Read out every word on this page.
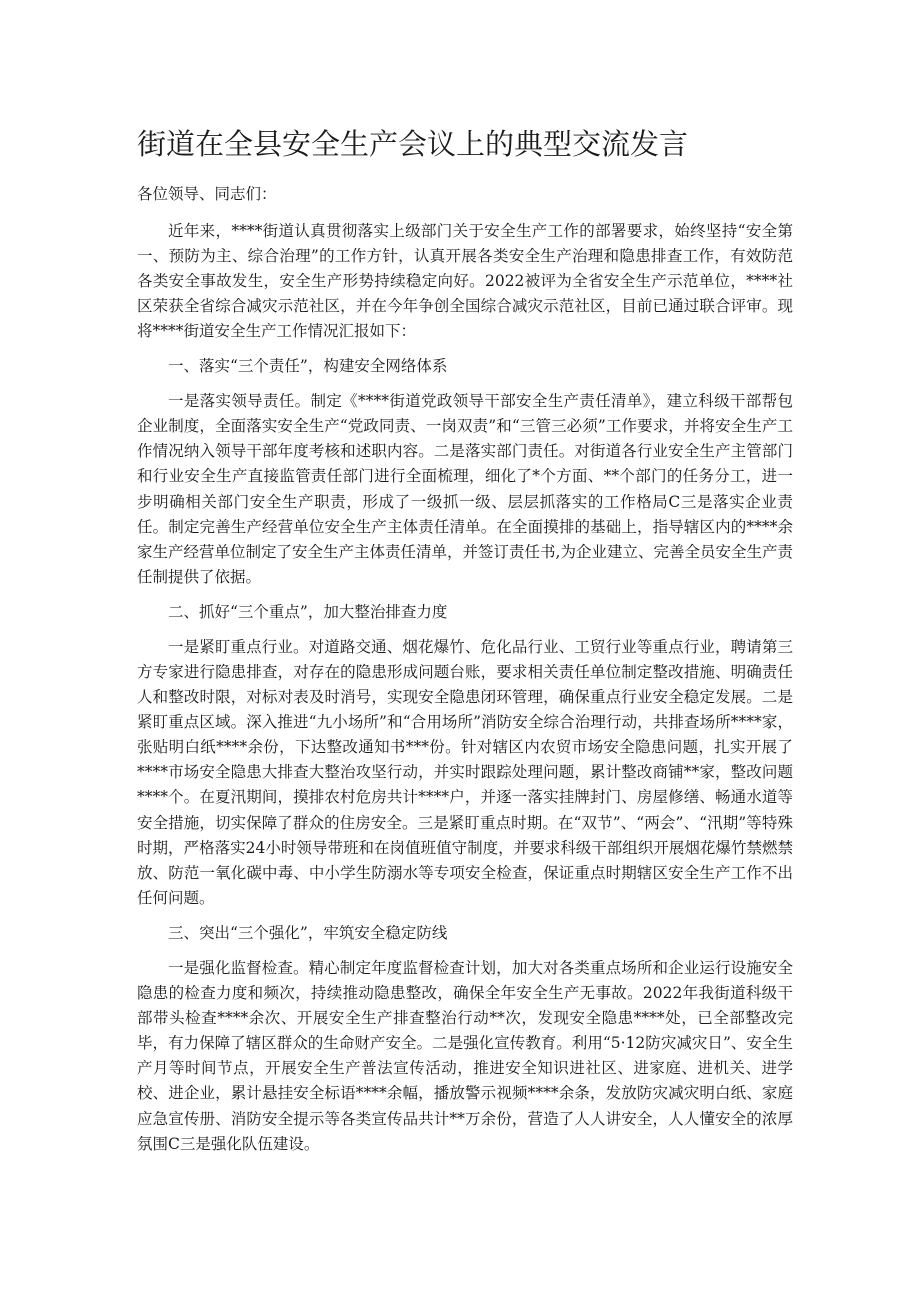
街道在全县安全生产会议上的典型交流发言

各位领导、同志们：

近年来，****街道认真贯彻落实上级部门关于安全生产工作的部署要求，始终坚持“安全第一、预防为主、综合治理”的工作方针，认真开展各类安全生产治理和隐患排查工作，有效防范各类安全事故发生，安全生产形势持续稳定向好。2022被评为全省安全生产示范单位，****社区荣获全省综合减灾示范社区，并在今年争创全国综合减灾示范社区，目前已通过联合评审。现将****街道安全生产工作情况汇报如下：

一、落实“三个责任”，构建安全网络体系

一是落实领导责任。制定《****街道党政领导干部安全生产责任清单》，建立科级干部帮包企业制度，全面落实安全生产“党政同责、一岗双责”和“三管三必须”工作要求，并将安全生产工作情况纳入领导干部年度考核和述职内容。二是落实部门责任。对街道各行业安全生产主管部门和行业安全生产直接监管责任部门进行全面梳理，细化了*个方面、**个部门的任务分工，进一步明确相关部门安全生产职责，形成了一级抓一级、层层抓落实的工作格局C三是落实企业责任。制定完善生产经营单位安全生产主体责任清单。在全面摸排的基础上，指导辖区内的****余家生产经营单位制定了安全生产主体责任清单，并签订责任书,为企业建立、完善全员安全生产责任制提供了依据。

二、抓好“三个重点”，加大整治排查力度

一是紧盯重点行业。对道路交通、烟花爆竹、危化品行业、工贸行业等重点行业，聘请第三方专家进行隐患排查，对存在的隐患形成问题台账，要求相关责任单位制定整改措施、明确责任人和整改时限，对标对表及时消号，实现安全隐患闭环管理，确保重点行业安全稳定发展。二是紧盯重点区域。深入推进“九小场所”和“合用场所”消防安全综合治理行动，共排查场所****家，张贴明白纸****余份，下达整改通知书***份。针对辖区内农贸市场安全隐患问题，扎实开展了****市场安全隐患大排查大整治攻坚行动，并实时跟踪处理问题，累计整改商铺**家，整改问题****个。在夏汛期间，摸排农村危房共计****户，并逐一落实挂牌封门、房屋修缮、畅通水道等安全措施，切实保障了群众的住房安全。三是紧盯重点时期。在“双节”、“两会”、“汛期”等特殊时期，严格落实24小时领导带班和在岗值班值守制度，并要求科级干部组织开展烟花爆竹禁燃禁放、防范一氧化碳中毒、中小学生防溺水等专项安全检查，保证重点时期辖区安全生产工作不出任何问题。

三、突出“三个强化”，牢筑安全稳定防线

一是强化监督检查。精心制定年度监督检查计划，加大对各类重点场所和企业运行设施安全隐患的检查力度和频次，持续推动隐患整改，确保全年安全生产无事故。2022年我街道科级干部带头检查****余次、开展安全生产排查整治行动**次，发现安全隐患****处，已全部整改完毕，有力保障了辖区群众的生命财产安全。二是强化宣传教育。利用“5·12防灾减灾日”、安全生产月等时间节点，开展安全生产普法宣传活动，推进安全知识进社区、进家庭、进机关、进学校、进企业，累计悬挂安全标语****余幅，播放警示视频****余条，发放防灾减灾明白纸、家庭应急宣传册、消防安全提示等各类宣传品共计**万余份，营造了人人讲安全，人人懂安全的浓厚氛围C三是强化队伍建设。
